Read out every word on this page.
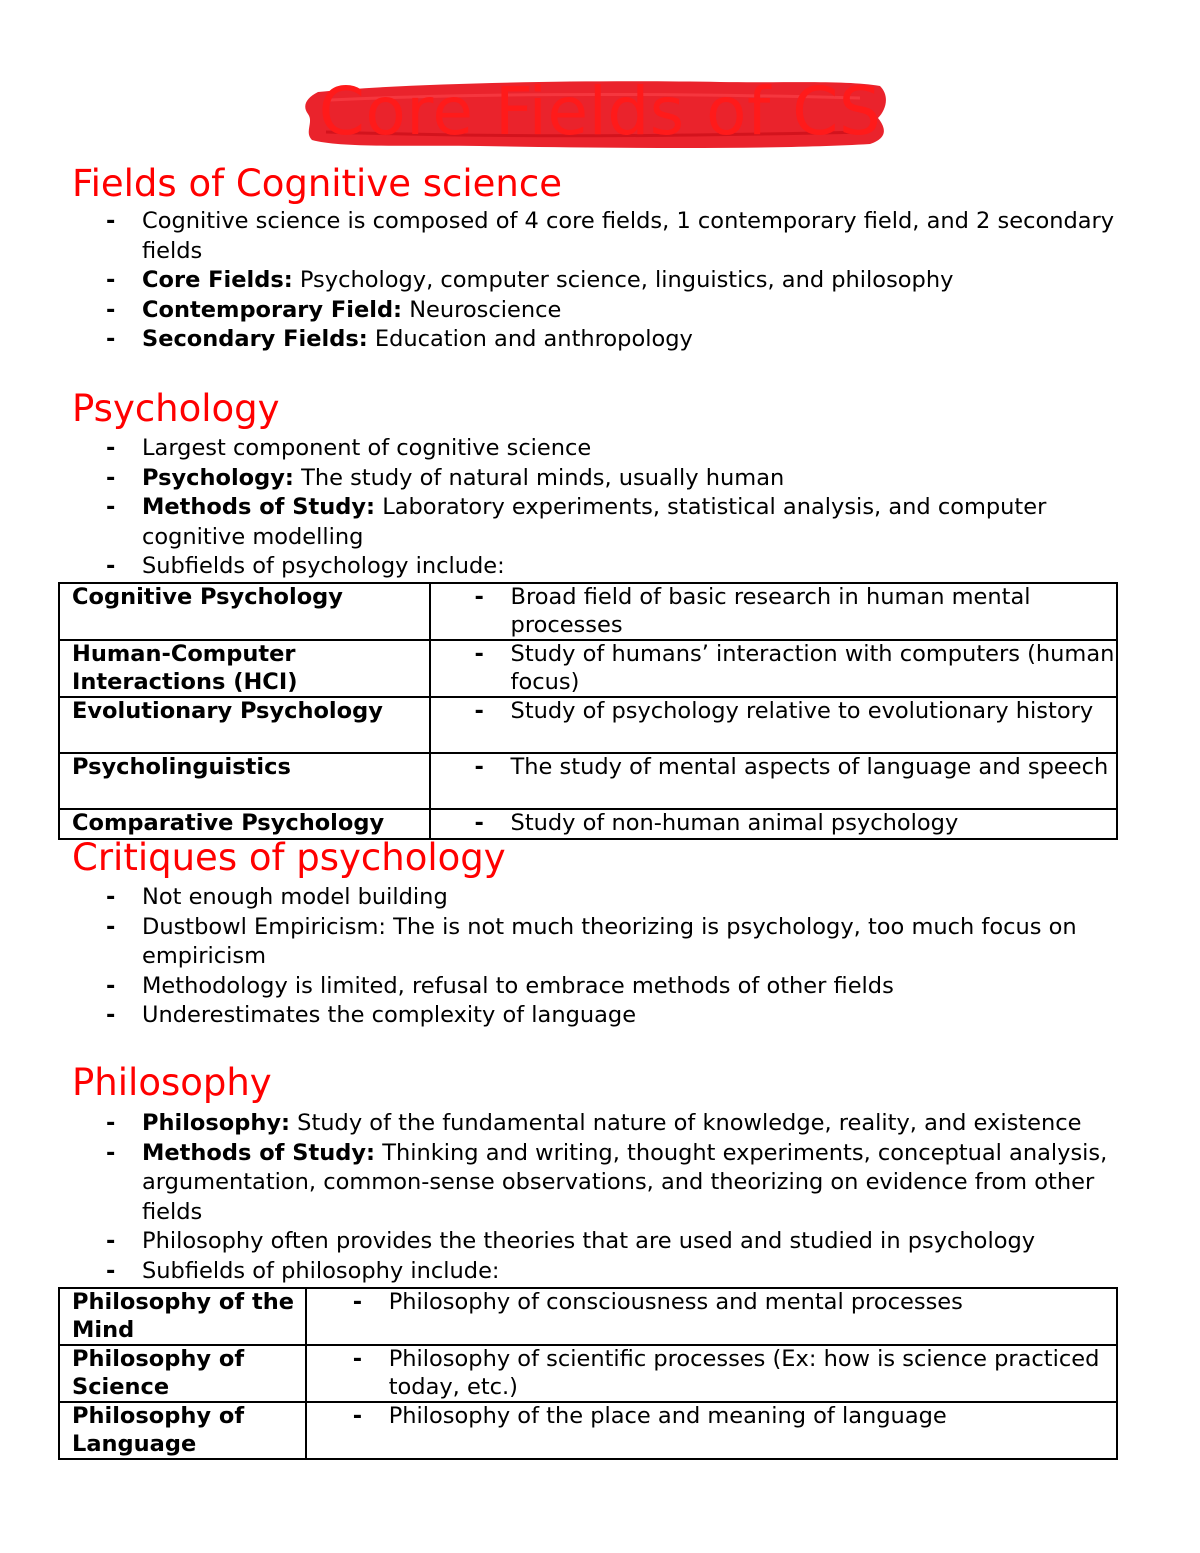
Core Fields of CS
Fields of Cognitive science
- Cognitive science is composed of 4 core fields, 1 contemporary field, and 2 secondary fields
- Core Fields: Psychology, computer science, linguistics, and philosophy
- Contemporary Field: Neuroscience
- Secondary Fields: Education and anthropology
Psychology
- Largest component of cognitive science
- Psychology: The study of natural minds, usually human
- Methods of Study: Laboratory experiments, statistical analysis, and computer cognitive modelling
- Subfields of psychology include:
Cognitive Psychology	- Broad field of basic research in human mental processes

Human-Computer Interactions (HCI)	- Study of humans’ interaction with computers (human focus)

Evolutionary Psychology	- Study of psychology relative to evolutionary history

Psycholinguistics	- The study of mental aspects of language and speech

Comparative Psychology	- Study of non-human animal psychology
Critiques of psychology
- Not enough model building
- Dustbowl Empiricism: The is not much theorizing is psychology, too much focus on empiricism
- Methodology is limited, refusal to embrace methods of other fields
- Underestimates the complexity of language
Philosophy
- Philosophy: Study of the fundamental nature of knowledge, reality, and existence
- Methods of Study: Thinking and writing, thought experiments, conceptual analysis, argumentation, common-sense observations, and theorizing on evidence from other fields
- Philosophy often provides the theories that are used and studied in psychology
- Subfields of philosophy include:
Philosophy of the Mind	- Philosophy of consciousness and mental processes

Philosophy of Science	- Philosophy of scientific processes (Ex: how is science practiced today, etc.)

Philosophy of Language	- Philosophy of the place and meaning of language
